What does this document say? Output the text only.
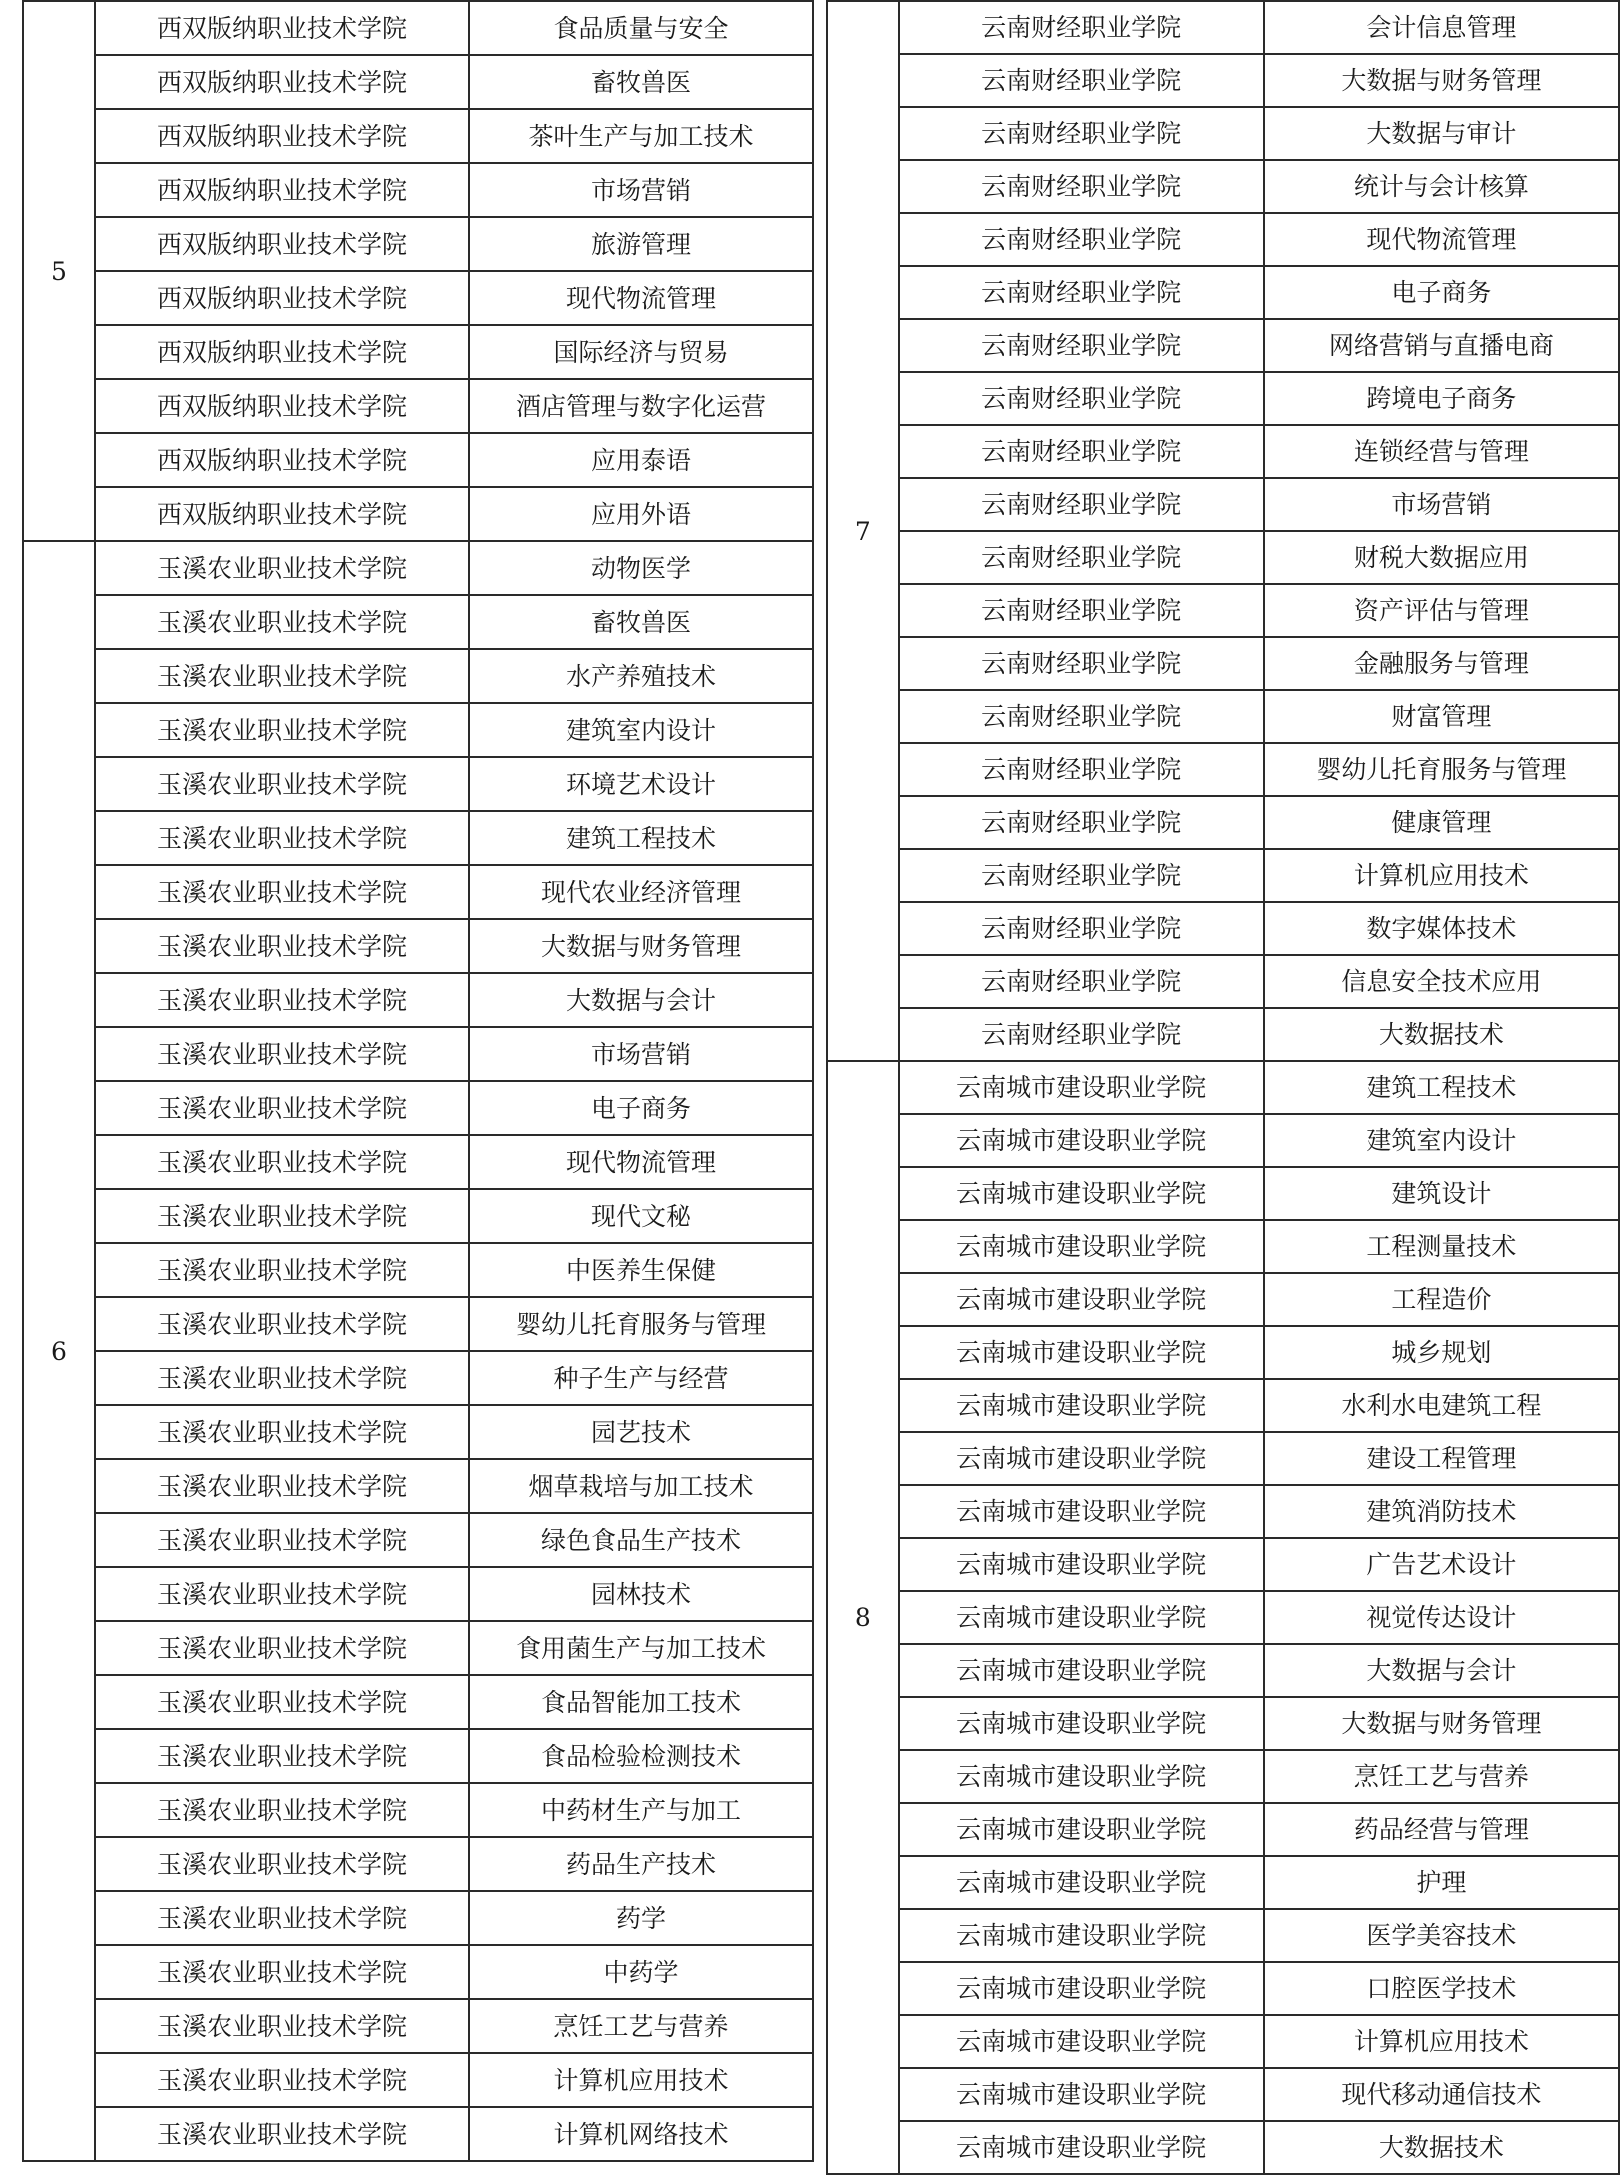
5	西双版纳职业技术学院	食品质量与安全
	西双版纳职业技术学院	畜牧兽医
	西双版纳职业技术学院	茶叶生产与加工技术
	西双版纳职业技术学院	市场营销
	西双版纳职业技术学院	旅游管理
	西双版纳职业技术学院	现代物流管理
	西双版纳职业技术学院	国际经济与贸易
	西双版纳职业技术学院	酒店管理与数字化运营
	西双版纳职业技术学院	应用泰语
	西双版纳职业技术学院	应用外语
6	玉溪农业职业技术学院	动物医学
	玉溪农业职业技术学院	畜牧兽医
	玉溪农业职业技术学院	水产养殖技术
	玉溪农业职业技术学院	建筑室内设计
	玉溪农业职业技术学院	环境艺术设计
	玉溪农业职业技术学院	建筑工程技术
	玉溪农业职业技术学院	现代农业经济管理
	玉溪农业职业技术学院	大数据与财务管理
	玉溪农业职业技术学院	大数据与会计
	玉溪农业职业技术学院	市场营销
	玉溪农业职业技术学院	电子商务
	玉溪农业职业技术学院	现代物流管理
	玉溪农业职业技术学院	现代文秘
	玉溪农业职业技术学院	中医养生保健
	玉溪农业职业技术学院	婴幼儿托育服务与管理
	玉溪农业职业技术学院	种子生产与经营
	玉溪农业职业技术学院	园艺技术
	玉溪农业职业技术学院	烟草栽培与加工技术
	玉溪农业职业技术学院	绿色食品生产技术
	玉溪农业职业技术学院	园林技术
	玉溪农业职业技术学院	食用菌生产与加工技术
	玉溪农业职业技术学院	食品智能加工技术
	玉溪农业职业技术学院	食品检验检测技术
	玉溪农业职业技术学院	中药材生产与加工
	玉溪农业职业技术学院	药品生产技术
	玉溪农业职业技术学院	药学
	玉溪农业职业技术学院	中药学
	玉溪农业职业技术学院	烹饪工艺与营养
	玉溪农业职业技术学院	计算机应用技术
	玉溪农业职业技术学院	计算机网络技术
7	云南财经职业学院	会计信息管理
	云南财经职业学院	大数据与财务管理
	云南财经职业学院	大数据与审计
	云南财经职业学院	统计与会计核算
	云南财经职业学院	现代物流管理
	云南财经职业学院	电子商务
	云南财经职业学院	网络营销与直播电商
	云南财经职业学院	跨境电子商务
	云南财经职业学院	连锁经营与管理
	云南财经职业学院	市场营销
	云南财经职业学院	财税大数据应用
	云南财经职业学院	资产评估与管理
	云南财经职业学院	金融服务与管理
	云南财经职业学院	财富管理
	云南财经职业学院	婴幼儿托育服务与管理
	云南财经职业学院	健康管理
	云南财经职业学院	计算机应用技术
	云南财经职业学院	数字媒体技术
	云南财经职业学院	信息安全技术应用
	云南财经职业学院	大数据技术
8	云南城市建设职业学院	建筑工程技术
	云南城市建设职业学院	建筑室内设计
	云南城市建设职业学院	建筑设计
	云南城市建设职业学院	工程测量技术
	云南城市建设职业学院	工程造价
	云南城市建设职业学院	城乡规划
	云南城市建设职业学院	水利水电建筑工程
	云南城市建设职业学院	建设工程管理
	云南城市建设职业学院	建筑消防技术
	云南城市建设职业学院	广告艺术设计
	云南城市建设职业学院	视觉传达设计
	云南城市建设职业学院	大数据与会计
	云南城市建设职业学院	大数据与财务管理
	云南城市建设职业学院	烹饪工艺与营养
	云南城市建设职业学院	药品经营与管理
	云南城市建设职业学院	护理
	云南城市建设职业学院	医学美容技术
	云南城市建设职业学院	口腔医学技术
	云南城市建设职业学院	计算机应用技术
	云南城市建设职业学院	现代移动通信技术
	云南城市建设职业学院	大数据技术
